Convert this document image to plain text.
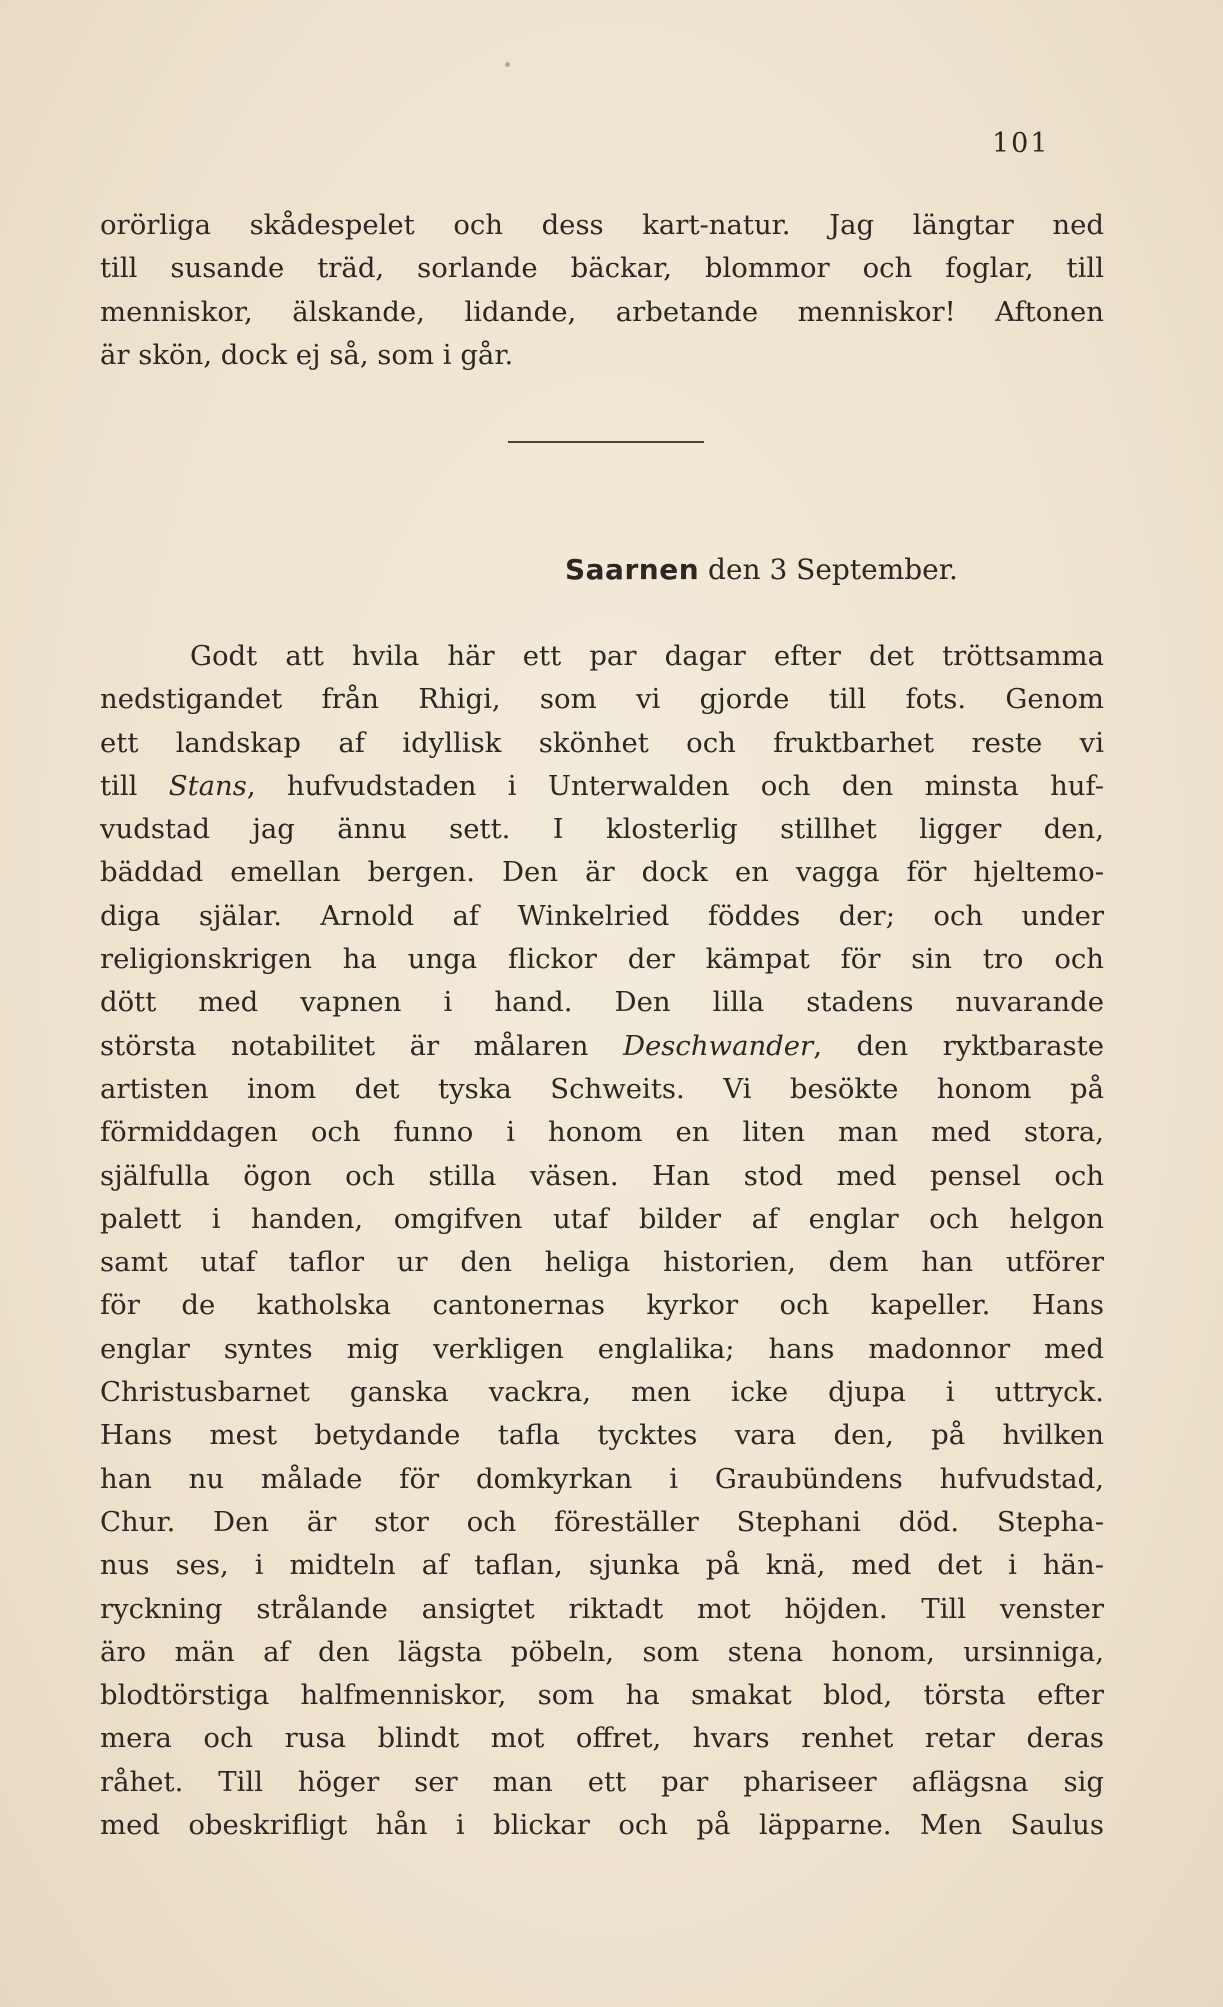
101
orörliga skådespelet och dess kart-natur. Jag längtar ned
till susande träd, sorlande bäckar, blommor och foglar, till
menniskor, älskande, lidande, arbetande menniskor! Aftonen
är skön, dock ej så, som i går.
Saarnen den 3 September.
Godt att hvila här ett par dagar efter det tröttsamma
nedstigandet från Rhigi, som vi gjorde till fots. Genom
ett landskap af idyllisk skönhet och fruktbarhet reste vi
till Stans, hufvudstaden i Unterwalden och den minsta huf-
vudstad jag ännu sett. I klosterlig stillhet ligger den,
bäddad emellan bergen. Den är dock en vagga för hjeltemo-
diga själar. Arnold af Winkelried föddes der; och under
religionskrigen ha unga flickor der kämpat för sin tro och
dött med vapnen i hand. Den lilla stadens nuvarande
största notabilitet är målaren Deschwander, den ryktbaraste
artisten inom det tyska Schweits. Vi besökte honom på
förmiddagen och funno i honom en liten man med stora,
själfulla ögon och stilla väsen. Han stod med pensel och
palett i handen, omgifven utaf bilder af englar och helgon
samt utaf taflor ur den heliga historien, dem han utförer
för de katholska cantonernas kyrkor och kapeller. Hans
englar syntes mig verkligen englalika; hans madonnor med
Christusbarnet ganska vackra, men icke djupa i uttryck.
Hans mest betydande tafla tycktes vara den, på hvilken
han nu målade för domkyrkan i Graubündens hufvudstad,
Chur. Den är stor och föreställer Stephani död. Stepha-
nus ses, i midteln af taflan, sjunka på knä, med det i hän-
ryckning strålande ansigtet riktadt mot höjden. Till venster
äro män af den lägsta pöbeln, som stena honom, ursinniga,
blodtörstiga halfmenniskor, som ha smakat blod, törsta efter
mera och rusa blindt mot offret, hvars renhet retar deras
råhet. Till höger ser man ett par phariseer aflägsna sig
med obeskrifligt hån i blickar och på läpparne. Men Saulus
